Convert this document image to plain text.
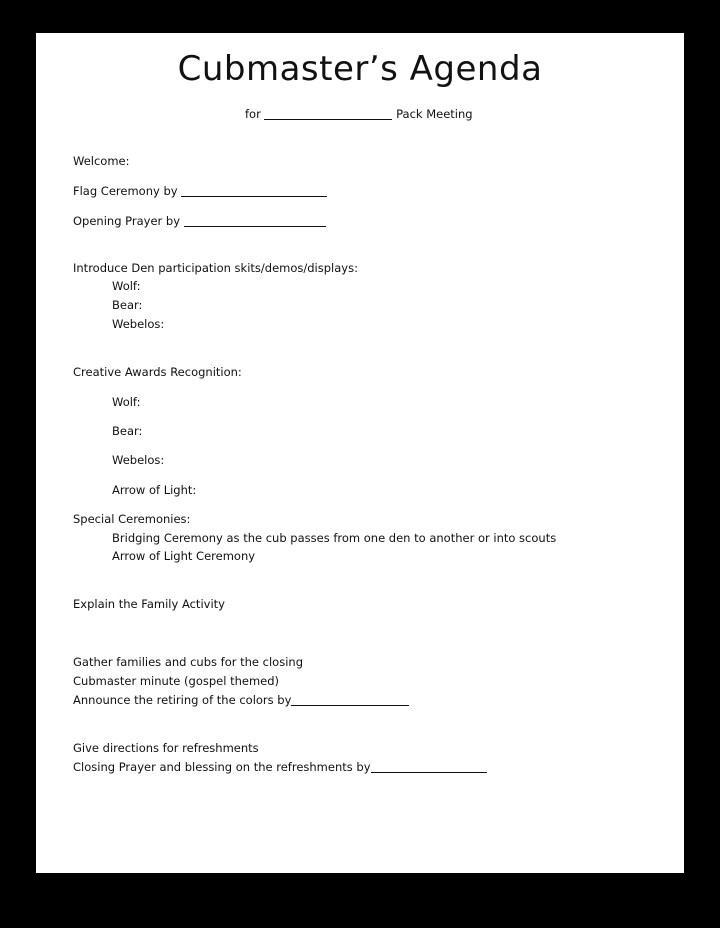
Cubmaster’s Agenda
for	Pack Meeting
Welcome:
Flag Ceremony by
Opening Prayer by
Introduce Den participation skits/demos/displays:
Wolf:
Bear:
Webelos:
Creative Awards Recognition:
Wolf:
Bear:
Webelos:
Arrow of Light:
Special Ceremonies:
Bridging Ceremony as the cub passes from one den to another or into scouts
Arrow of Light Ceremony
Explain the Family Activity
Gather families and cubs for the closing
Cubmaster minute (gospel themed)
Announce the retiring of the colors by
Give directions for refreshments
Closing Prayer and blessing on the refreshments by
